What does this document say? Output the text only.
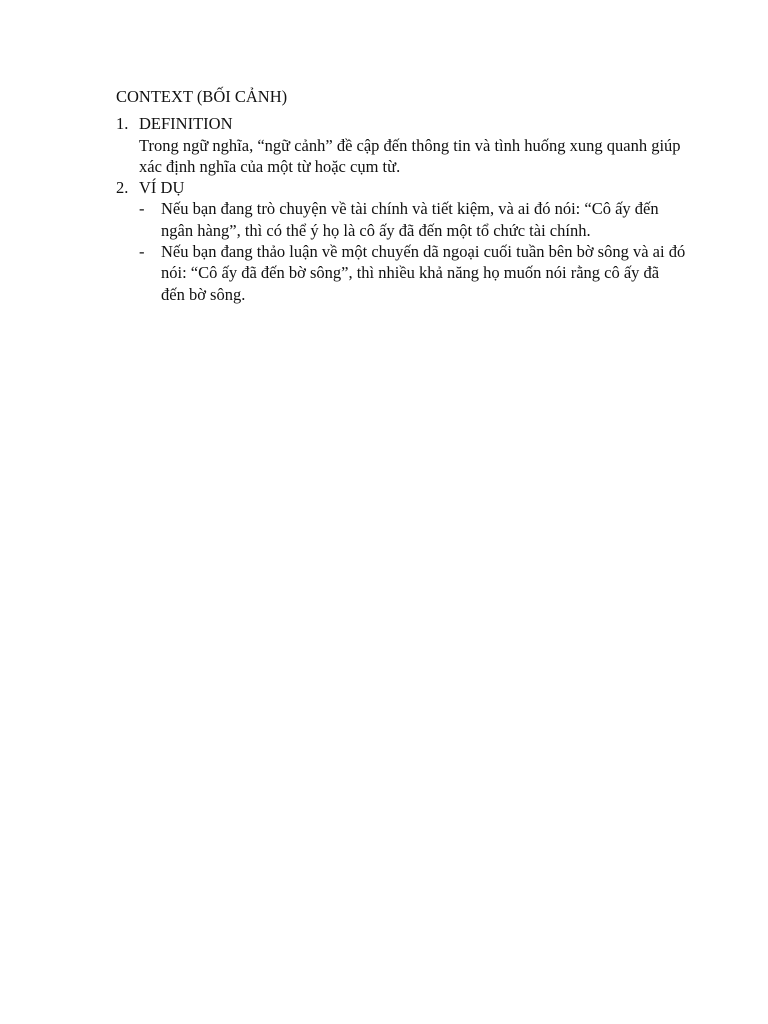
CONTEXT (BỐI CẢNH)
1. DEFINITION
Trong ngữ nghĩa, “ngữ cảnh” đề cập đến thông tin và tình huống xung quanh giúp xác định nghĩa của một từ hoặc cụm từ.
2. VÍ DỤ
- Nếu bạn đang trò chuyện về tài chính và tiết kiệm, và ai đó nói: “Cô ấy đến ngân hàng”, thì có thể ý họ là cô ấy đã đến một tổ chức tài chính.
- Nếu bạn đang thảo luận về một chuyến dã ngoại cuối tuần bên bờ sông và ai đó nói: “Cô ấy đã đến bờ sông”, thì nhiều khả năng họ muốn nói rằng cô ấy đã đến bờ sông.
